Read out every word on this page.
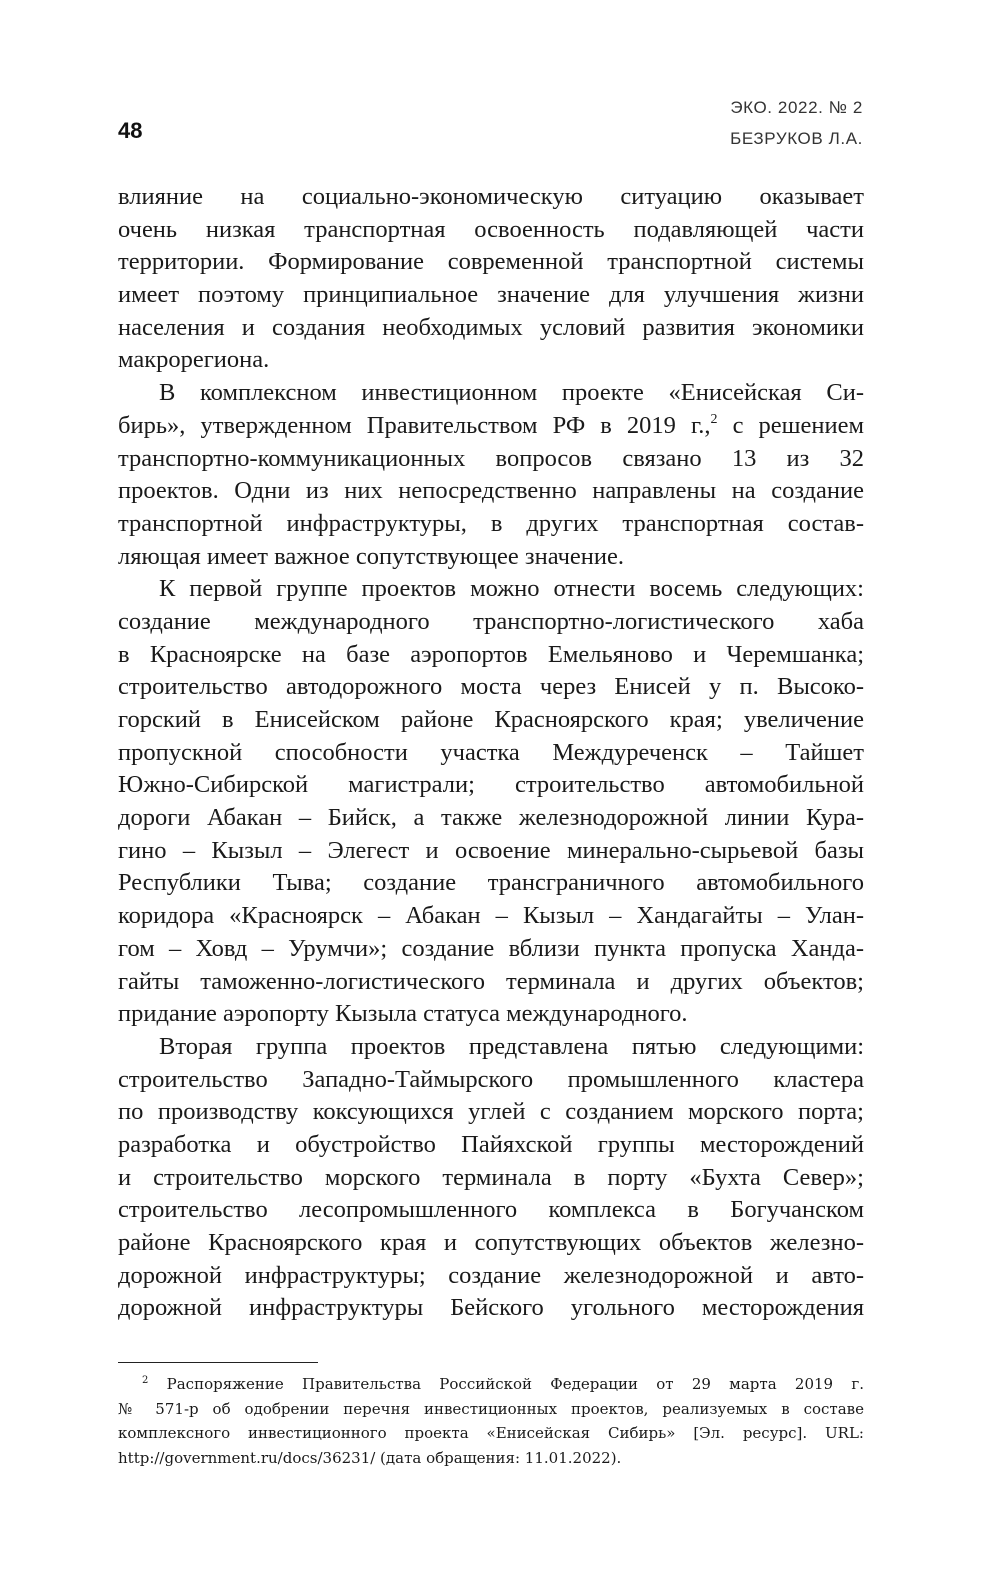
ЭКО. 2022. № 2
БЕЗРУКОВ Л.А.
48
влияние на социально-экономическую ситуацию оказывает
очень низкая транспортная освоенность подавляющей части
территории. Формирование современной транспортной системы
имеет поэтому принципиальное значение для улучшения жизни
населения и создания необходимых условий развития экономики
макрорегиона.
В комплексном инвестиционном проекте «Енисейская Си-
бирь», утвержденном Правительством РФ в 2019 г.,$^2$ с решением
транспортно-коммуникационных вопросов связано 13 из 32
проектов. Одни из них непосредственно направлены на создание
транспортной инфраструктуры, в других транспортная состав-
ляющая имеет важное сопутствующее значение.
К первой группе проектов можно отнести восемь следующих:
создание международного транспортно-логистического хаба
в Красноярске на базе аэропортов Емельяново и Черемшанка;
строительство автодорожного моста через Енисей у п. Высоко-
горский в Енисейском районе Красноярского края; увеличение
пропускной способности участка Междуреченск – Тайшет
Южно-Сибирской магистрали; строительство автомобильной
дороги Абакан – Бийск, а также железнодорожной линии Кура-
гино – Кызыл – Элегест и освоение минерально-сырьевой базы
Республики Тыва; создание трансграничного автомобильного
коридора «Красноярск – Абакан – Кызыл – Хандагайты – Улан-
гом – Ховд – Урумчи»; создание вблизи пункта пропуска Ханда-
гайты таможенно-логистического терминала и других объектов;
придание аэропорту Кызыла статуса международного.
Вторая группа проектов представлена пятью следующими:
строительство Западно-Таймырского промышленного кластера
по производству коксующихся углей с созданием морского порта;
разработка и обустройство Пайяхской группы месторождений
и строительство морского терминала в порту «Бухта Север»;
строительство лесопромышленного комплекса в Богучанском
районе Красноярского края и сопутствующих объектов железно-
дорожной инфраструктуры; создание железнодорожной и авто-
дорожной инфраструктуры Бейского угольного месторождения
$^2$ Распоряжение Правительства Российской Федерации от 29 марта 2019 г.
№ 571-р об одобрении перечня инвестиционных проектов, реализуемых в составе
комплексного инвестиционного проекта «Енисейская Сибирь» [Эл. ресурс]. URL:
http://government.ru/docs/36231/ (дата обращения: 11.01.2022).
